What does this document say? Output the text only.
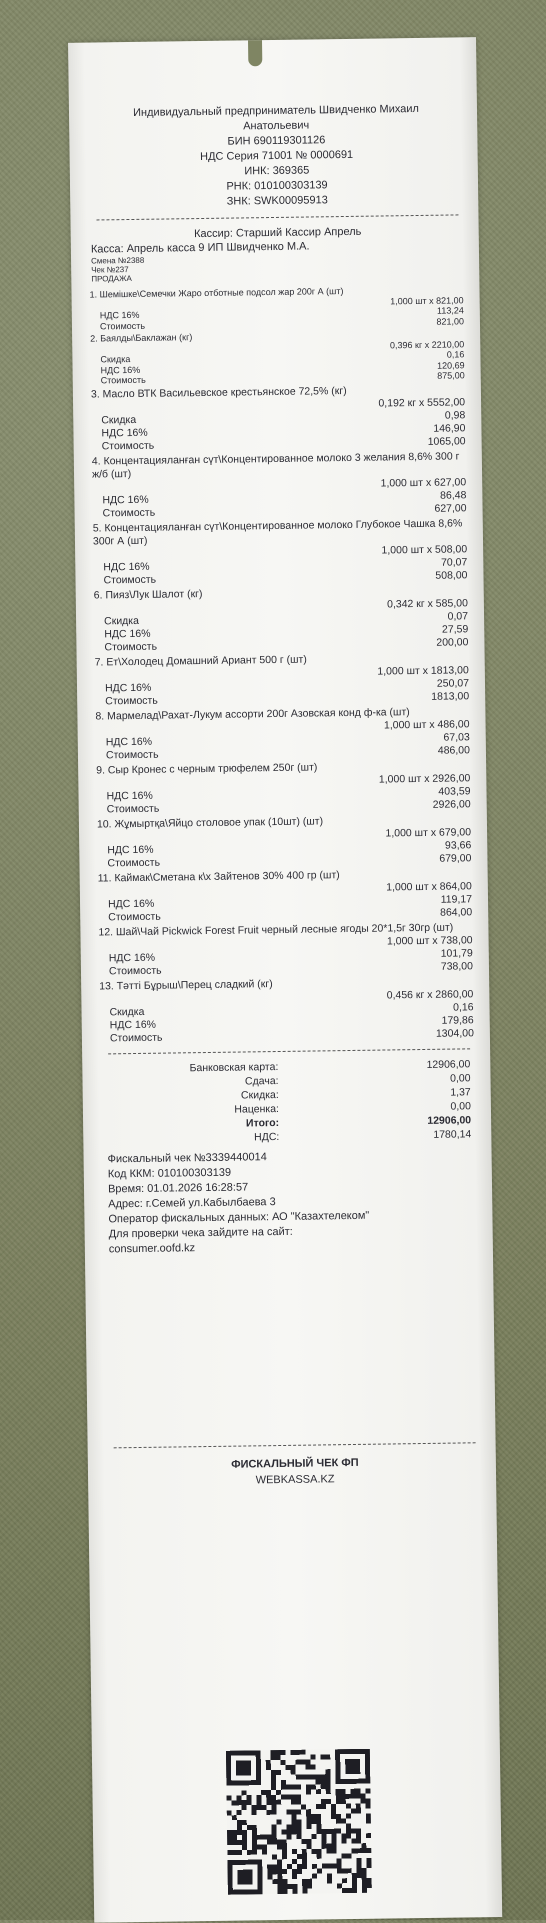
Индивидуальный предприниматель Швидченко Михаил
Анатольевич
БИН 690119301126
НДС Серия 71001 № 0000691
ИНК: 369365
РНК: 010100303139
ЗНК: SWK00095913
Кассир: Старший Кассир Апрель
Касса: Апрель касса 9 ИП Швидченко М.А.
Смена №2388
Чек №237
ПРОДАЖА
1. Шемішке\Семечки Жаро отботные подсол жар 200г А (шт)
1,000 шт x 821,00
НДС 16%	113,24
Стоимость	821,00
2. Баялды\Баклажан (кг)
0,396 кг x 2210,00
Скидка	0,16
НДС 16%	120,69
Стоимость	875,00
3. Масло ВТК Васильевское крестьянское 72,5% (кг)
0,192 кг x 5552,00
Скидка	0,98
НДС 16%	146,90
Стоимость	1065,00
4. Концентацияланған сүт\Концентированное молоко 3 желания 8,6% 300 г ж/б (шт)
1,000 шт x 627,00
НДС 16%	86,48
Стоимость	627,00
5. Концентацияланған сүт\Концентированное молоко Глубокое Чашка 8,6% 300г А (шт)
1,000 шт x 508,00
НДС 16%	70,07
Стоимость	508,00
6. Пияз\Лук Шалот (кг)
0,342 кг x 585,00
Скидка	0,07
НДС 16%	27,59
Стоимость	200,00
7. Ет\Холодец Домашний Ариант 500 г (шт)
1,000 шт x 1813,00
НДС 16%	250,07
Стоимость	1813,00
8. Мармелад\Рахат-Лукум ассорти 200г Азовская конд ф-ка (шт)
1,000 шт x 486,00
НДС 16%	67,03
Стоимость	486,00
9. Сыр Кронес с черным трюфелем 250г (шт)
1,000 шт x 2926,00
НДС 16%	403,59
Стоимость	2926,00
10. Жұмыртқа\Яйцо столовое упак (10шт) (шт)
1,000 шт x 679,00
НДС 16%	93,66
Стоимость	679,00
11. Каймак\Сметана к\х Зайтенов 30% 400 гр (шт)
1,000 шт x 864,00
НДС 16%	119,17
Стоимость	864,00
12. Шай\Чай Pickwick Forest Fruit черный лесные ягоды 20*1,5г 30гр (шт)
1,000 шт x 738,00
НДС 16%	101,79
Стоимость	738,00
13. Тәтті Бұрыш\Перец сладкий (кг)
0,456 кг x 2860,00
Скидка	0,16
НДС 16%	179,86
Стоимость	1304,00
Банковская карта:	12906,00
Сдача:	0,00
Скидка:	1,37
Наценка:	0,00
Итого:	12906,00
НДС:	1780,14
Фискальный чек №3339440014
Код ККМ: 010100303139
Время: 01.01.2026 16:28:57
Адрес: г.Семей ул.Кабылбаева 3
Оператор фискальных данных: АО "Казахтелеком"
Для проверки чека зайдите на сайт:
consumer.oofd.kz
ФИСКАЛЬНЫЙ ЧЕК ФП
WEBKASSA.KZ
